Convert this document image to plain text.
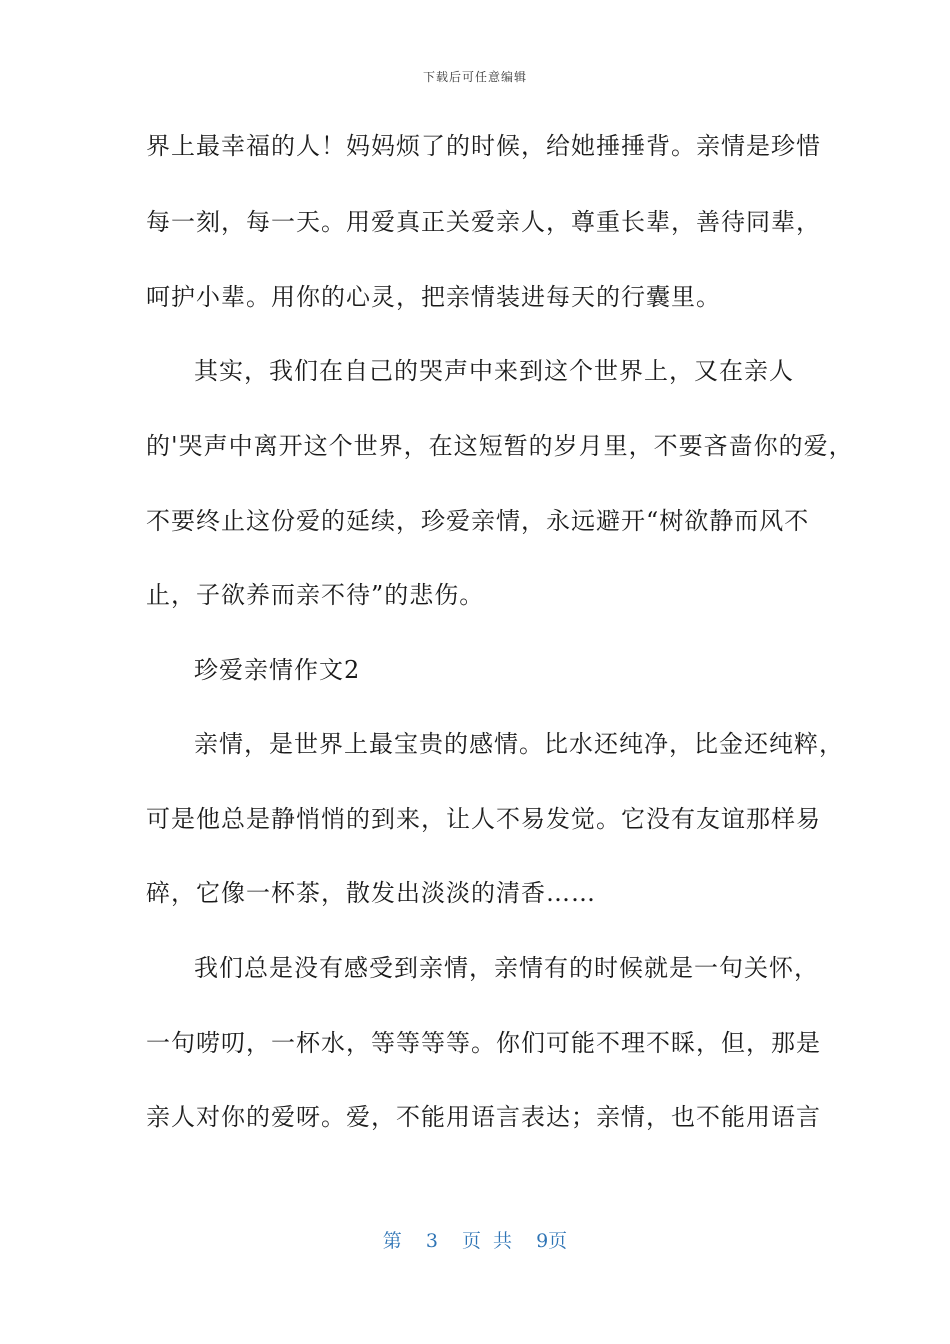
下载后可任意编辑
界上最幸福的人！妈妈烦了的时候，给她捶捶背。亲情是珍惜
每一刻，每一天。用爱真正关爱亲人，尊重长辈，善待同辈，
呵护小辈。用你的心灵，把亲情装进每天的行囊里。
其实，我们在自己的哭声中来到这个世界上，又在亲人
的'哭声中离开这个世界，在这短暂的岁月里，不要吝啬你的爱，
不要终止这份爱的延续，珍爱亲情，永远避开“树欲静而风不
止，子欲养而亲不待”的悲伤。
珍爱亲情作文2
亲情，是世界上最宝贵的感情。比水还纯净，比金还纯粹，
可是他总是静悄悄的到来，让人不易发觉。它没有友谊那样易
碎，它像一杯茶，散发出淡淡的清香……
我们总是没有感受到亲情，亲情有的时候就是一句关怀，
一句唠叨，一杯水，等等等等。你们可能不理不睬，但，那是
亲人对你的爱呀。爱，不能用语言表达；亲情，也不能用语言
第 3 页 共 9页
